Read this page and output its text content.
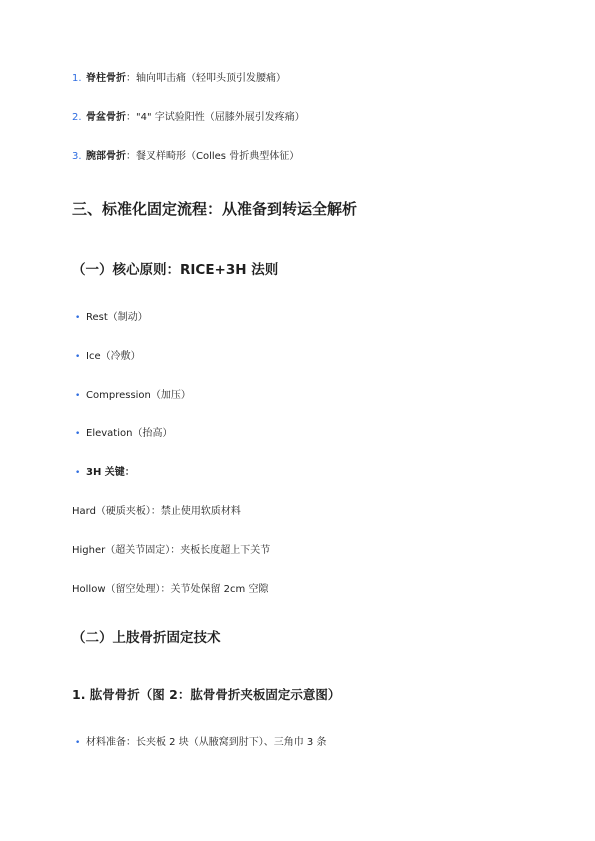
1. 脊柱骨折：轴向叩击痛（轻叩头顶引发腰痛）
2. 骨盆骨折："4" 字试验阳性（屈膝外展引发疼痛）
3. 腕部骨折：餐叉样畸形（Colles 骨折典型体征）
三、标准化固定流程：从准备到转运全解析
（一）核心原则：RICE+3H 法则
• Rest（制动）
• Ice（冷敷）
• Compression（加压）
• Elevation（抬高）
• 3H 关键：
Hard（硬质夹板）：禁止使用软质材料
Higher（超关节固定）：夹板长度超上下关节
Hollow（留空处理）：关节处保留 2cm 空隙
（二）上肢骨折固定技术
1. 肱骨骨折（图 2：肱骨骨折夹板固定示意图）
• 材料准备：长夹板 2 块（从腋窝到肘下）、三角巾 3 条
